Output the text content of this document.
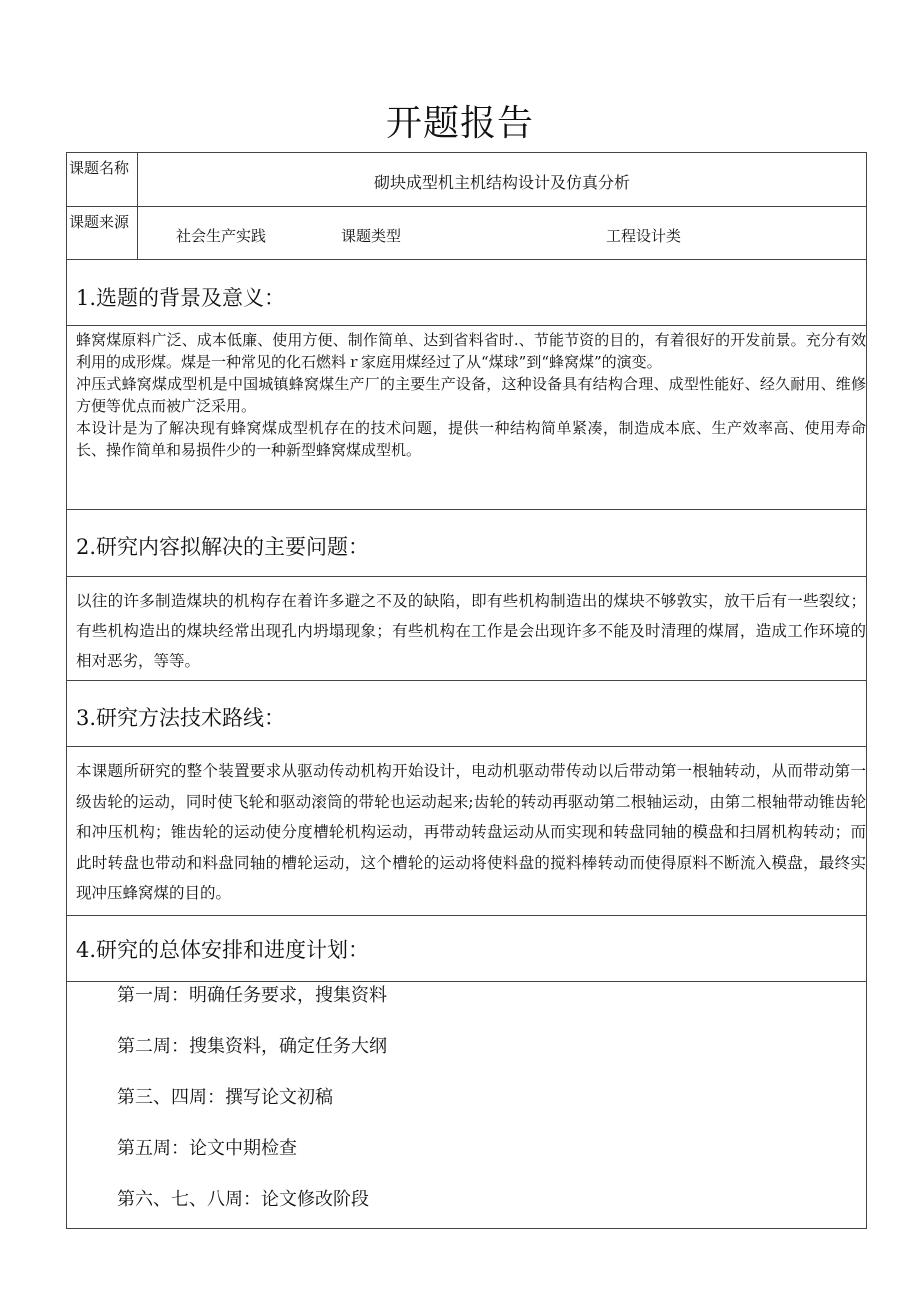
开题报告
课题名称
砌块成型机主机结构设计及仿真分析
课题来源
社会生产实践	课题类型	工程设计类
1.选题的背景及意义：

蜂窝煤原料广泛、成本低廉、使用方便、制作简单、达到省料省时.、节能节资的目的，有着很好的开发前景。充分有效利用的成形煤。煤是一种常见的化石燃料ｒ家庭用煤经过了从“煤球”到“蜂窝煤”的演变。

冲压式蜂窝煤成型机是中国城镇蜂窝煤生产厂的主要生产设备，这种设备具有结构合理、成型性能好、经久耐用、维修方便等优点而被广泛采用。

本设计是为了解决现有蜂窝煤成型机存在的技术问题，提供一种结构简单紧凑，制造成本底、生产效率高、使用寿命长、操作简单和易损件少的一种新型蜂窝煤成型机。

2.研究内容拟解决的主要问题：

以往的许多制造煤块的机构存在着许多避之不及的缺陷，即有些机构制造出的煤块不够敦实，放干后有一些裂纹；有些机构造出的煤块经常出现孔内坍塌现象；有些机构在工作是会出现许多不能及时清理的煤屑，造成工作环境的相对恶劣，等等。

3.研究方法技术路线：

本课题所研究的整个装置要求从驱动传动机构开始设计，电动机驱动带传动以后带动第一根轴转动，从而带动第一级齿轮的运动，同时使飞轮和驱动滚筒的带轮也运动起来;齿轮的转动再驱动第二根轴运动，由第二根轴带动锥齿轮和冲压机构；锥齿轮的运动使分度槽轮机构运动，再带动转盘运动从而实现和转盘同轴的模盘和扫屑机构转动；而此时转盘也带动和料盘同轴的槽轮运动，这个槽轮的运动将使料盘的搅料棒转动而使得原料不断流入模盘，最终实现冲压蜂窝煤的目的。

4.研究的总体安排和进度计划：
第一周：明确任务要求，搜集资料
第二周：搜集资料，确定任务大纲
第三、四周：撰写论文初稿
第五周：论文中期检查
第六、七、八周：论文修改阶段
